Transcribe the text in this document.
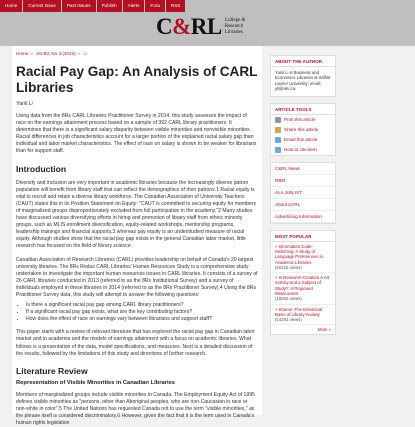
Home	Current Issue	Past Issues	Publish	Alerts	Fora	RSS
C&RL College &
Research
Libraries
Home » Vol 83, No 3 (2022) » Li
Racial Pay Gap: An Analysis of CARL Libraries
Yanli Li

Using data from the 8Rs CARL Libraries Practitioner Survey in 2014, this study assesses the impact of race on the earnings attainment process based on a sample of 392 CARL library practitioners. It determines that there is a significant salary disparity between visible minorities and nonvisible minorities. Racial differences in job characteristics account for a larger portion of the explained racial salary gap than individual and labor market characteristics. The effect of race on salary is shown to be weaker for librarians than for support staff.

Introduction

Diversity and inclusion are very important in academic libraries because the increasingly diverse patron population will benefit from library staff that can reflect the demographics of their patrons.1 Racial equity is vital to recruit and retain a diverse library workforce. The Canadian Association of University Teachers (CAUT) states this in its Position Statement on Equity: "CAUT is committed to securing equity for members of marginalized groups disproportionately excluded from full participation in the academy."2 Many studies have discussed various diversifying efforts in hiring and promotion of library staff from ethnic minority groups, such as MLIS enrollment diversification, equity-related workshops, mentorship programs, leadership trainings and financial supports,3 whereas pay equity is an understudied measure of racial equity. Although studies show that the racial pay gap exists in the general Canadian labor market, little research has focused on the field of library science.

Canadian Association of Research Libraries (CARL) provides leadership on behalf of Canada's 29 largest university libraries. The 8Rs Redux CARL Libraries' Human Resources Study is a comprehensive study undertaken to investigate the important human resources issues in CARL libraries. It consists of a survey of 26 CARL libraries conducted in 2013 (referred to as the 8Rs Institutional Survey) and a survey of individuals employed in these libraries in 2014 (referred to as the 8Rs Practitioner Survey).4 Using the 8Rs Practitioner Survey data, this study will attempt to answer the following questions:

• Is there a significant racial pay gap among CARL library practitioners?
• If a significant racial pay gap exists, what are the key contributing factors?
• How does the effect of race on earnings vary between librarians and support staff?

This paper starts with a review of relevant literature that has explored the racial pay gap in Canadian labor market and in academia and the models of earnings attainment with a focus on academic libraries. What follows is a presentation of the data, model specifications, and measures. Next is a detailed discussion of the results, followed by the limitations of this study and directions of further research.

Literature Review
Representation of Visible Minorities in Canadian Libraries

Members of marginalized groups include visible minorities in Canada. The Employment Equity Act of 1995 defines visible minorities as "persons, other than Aboriginal peoples, who are non-Caucasian in race or non-white in color".5 The United Nations has requested Canada not to use the term "visible minorities," as the phrase itself is considered discriminatory.6 However, given the fact that it is the term used in Canada's human rights legislation

ABOUT THE AUTHOR
Yanli Li is Business and Economics Librarian at Wilfrid Laurier University; email: yli@wlu.ca.
ARTICLE TOOLS
Print this article
Share this article
Email this article
How to cite item
C&RL News
RBM
ALA JobLIST
About ACRL
Advertising Information
MOST POPULAR
» Information Code-Switching: A Study of Language Preferences in Academic Libraries
(20215 views)
» Is Research-Creation A Art Activity and a Subject of Study?: A Proposed Metacontest
(18502 views)
» Shame: The Emotional Basis of Library Anxiety
(14281 views)
More »
